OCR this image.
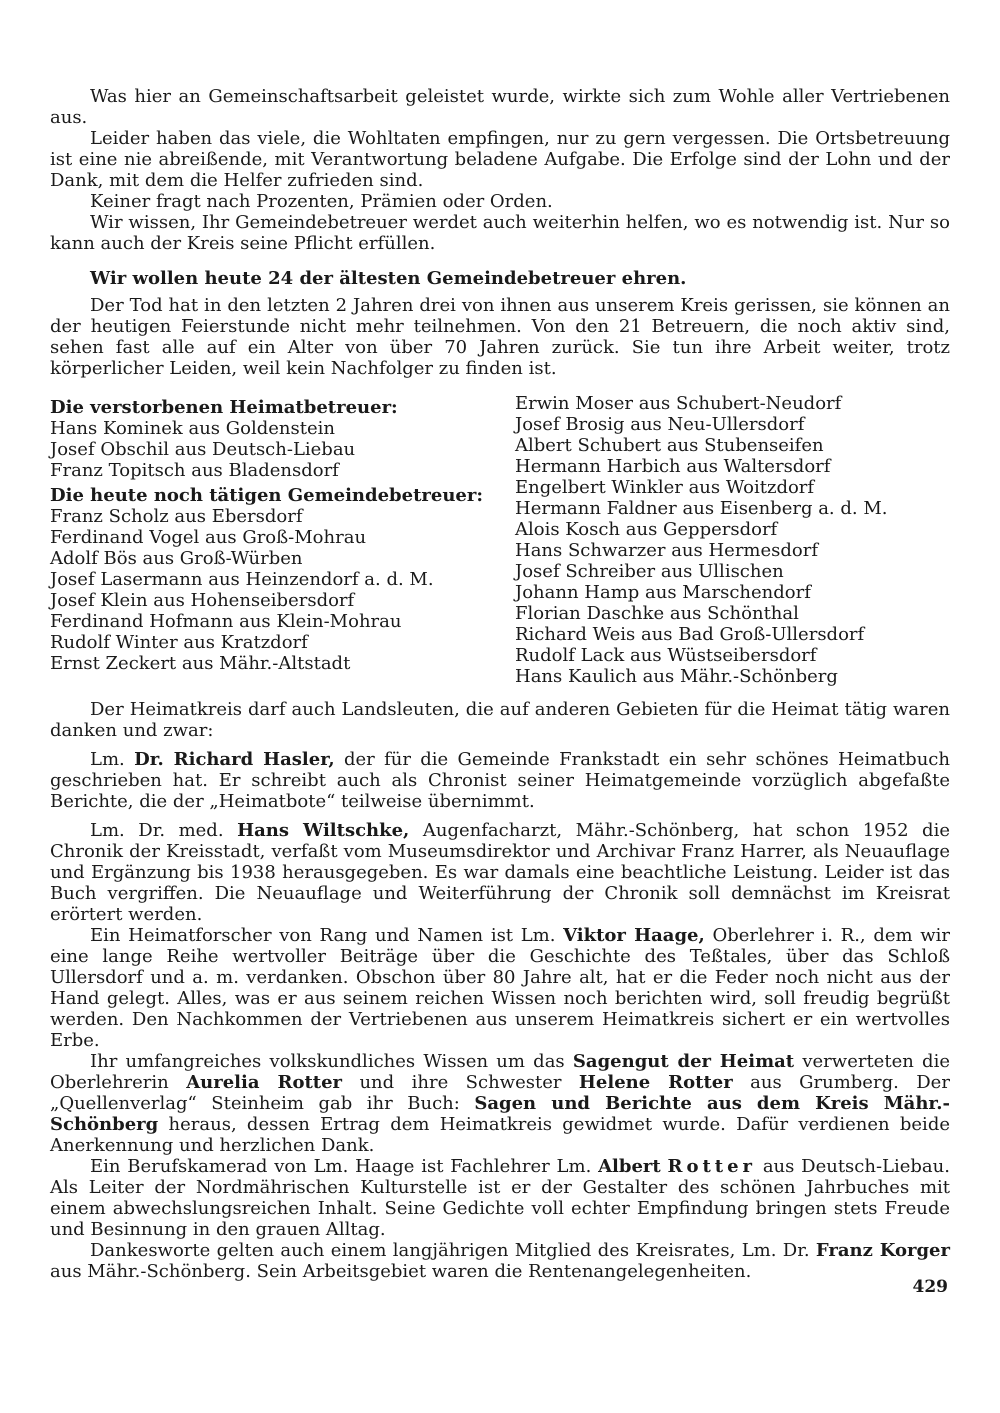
Was hier an Gemeinschaftsarbeit geleistet wurde, wirkte sich zum Wohle aller Vertriebenen aus.

Leider haben das viele, die Wohltaten empfingen, nur zu gern vergessen. Die Ortsbetreuung ist eine nie abreißende, mit Verantwortung beladene Aufgabe. Die Erfolge sind der Lohn und der Dank, mit dem die Helfer zufrieden sind.

Keiner fragt nach Prozenten, Prämien oder Orden.

Wir wissen, Ihr Gemeindebetreuer werdet auch weiterhin helfen, wo es notwendig ist. Nur so kann auch der Kreis seine Pflicht erfüllen.

Wir wollen heute 24 der ältesten Gemeindebetreuer ehren.

Der Tod hat in den letzten 2 Jahren drei von ihnen aus unserem Kreis gerissen, sie können an der heutigen Feierstunde nicht mehr teilnehmen. Von den 21 Betreuern, die noch aktiv sind, sehen fast alle auf ein Alter von über 70 Jahren zurück. Sie tun ihre Arbeit weiter, trotz körperlicher Leiden, weil kein Nachfolger zu finden ist.

Die verstorbenen Heimatbetreuer:
Hans Kominek aus Goldenstein
Josef Obschil aus Deutsch-Liebau
Franz Topitsch aus Bladensdorf
Die heute noch tätigen Gemeindebetreuer:
Franz Scholz aus Ebersdorf
Ferdinand Vogel aus Groß-Mohrau
Adolf Bös aus Groß-Würben
Josef Lasermann aus Heinzendorf a. d. M.
Josef Klein aus Hohenseibersdorf
Ferdinand Hofmann aus Klein-Mohrau
Rudolf Winter aus Kratzdorf
Ernst Zeckert aus Mähr.-Altstadt
Erwin Moser aus Schubert-Neudorf
Josef Brosig aus Neu-Ullersdorf
Albert Schubert aus Stubenseifen
Hermann Harbich aus Waltersdorf
Engelbert Winkler aus Woitzdorf
Hermann Faldner aus Eisenberg a. d. M.
Alois Kosch aus Geppersdorf
Hans Schwarzer aus Hermesdorf
Josef Schreiber aus Ullischen
Johann Hamp aus Marschendorf
Florian Daschke aus Schönthal
Richard Weis aus Bad Groß-Ullersdorf
Rudolf Lack aus Wüstseibersdorf
Hans Kaulich aus Mähr.-Schönberg

Der Heimatkreis darf auch Landsleuten, die auf anderen Gebieten für die Heimat tätig waren danken und zwar:

Lm. Dr. Richard Hasler, der für die Gemeinde Frankstadt ein sehr schönes Heimatbuch geschrieben hat. Er schreibt auch als Chronist seiner Heimatgemeinde vorzüglich abgefaßte Berichte, die der „Heimatbote“ teilweise übernimmt.

Lm. Dr. med. Hans Wiltschke, Augenfacharzt, Mähr.-Schönberg, hat schon 1952 die Chronik der Kreisstadt, verfaßt vom Museumsdirektor und Archivar Franz Harrer, als Neuauflage und Ergänzung bis 1938 herausgegeben. Es war damals eine beachtliche Leistung. Leider ist das Buch vergriffen. Die Neuauflage und Weiterführung der Chronik soll demnächst im Kreisrat erörtert werden.

Ein Heimatforscher von Rang und Namen ist Lm. Viktor Haage, Oberlehrer i. R., dem wir eine lange Reihe wertvoller Beiträge über die Geschichte des Teßtales, über das Schloß Ullersdorf und a. m. verdanken. Obschon über 80 Jahre alt, hat er die Feder noch nicht aus der Hand gelegt. Alles, was er aus seinem reichen Wissen noch berichten wird, soll freudig begrüßt werden. Den Nachkommen der Vertriebenen aus unserem Heimatkreis sichert er ein wertvolles Erbe.

Ihr umfangreiches volkskundliches Wissen um das Sagengut der Heimat verwerteten die Oberlehrerin Aurelia Rotter und ihre Schwester Helene Rotter aus Grumberg. Der „Quellenverlag“ Steinheim gab ihr Buch: Sagen und Berichte aus dem Kreis Mähr.-Schönberg heraus, dessen Ertrag dem Heimatkreis gewidmet wurde. Dafür verdienen beide Anerkennung und herzlichen Dank.

Ein Berufskamerad von Lm. Haage ist Fachlehrer Lm. Albert Rotter aus Deutsch-Liebau. Als Leiter der Nordmährischen Kulturstelle ist er der Gestalter des schönen Jahrbuches mit einem abwechslungsreichen Inhalt. Seine Gedichte voll echter Empfindung bringen stets Freude und Besinnung in den grauen Alltag.

Dankesworte gelten auch einem langjährigen Mitglied des Kreisrates, Lm. Dr. Franz Korger aus Mähr.-Schönberg. Sein Arbeitsgebiet waren die Rentenangelegenheiten.

429
